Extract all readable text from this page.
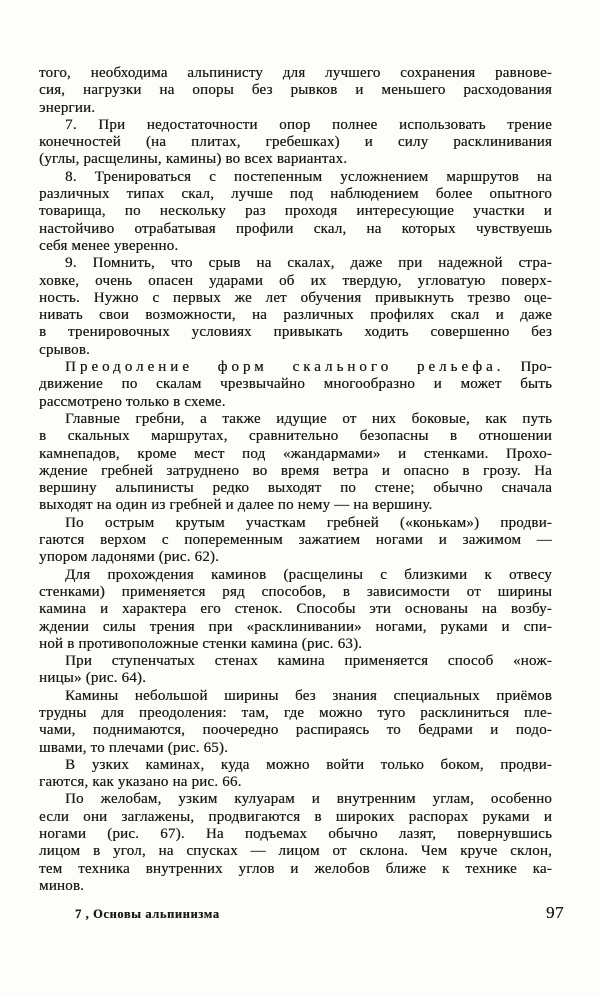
того, необходима альпинисту для лучшего сохранения равнове-
сия, нагрузки на опоры без рывков и меньшего расходования
энергии.
7. При недостаточности опор полнее использовать трение
конечностей (на плитах, гребешках) и силу расклинивания
(углы, расщелины, камины) во всех вариантах.
8. Тренироваться с постепенным усложнением маршрутов на
различных типах скал, лучше под наблюдением более опытного
товарища, по нескольку раз проходя интересующие участки и
настойчиво отрабатывая профили скал, на которых чувствуешь
себя менее уверенно.
9. Помнить, что срыв на скалах, даже при надежной стра-
ховке, очень опасен ударами об их твердую, угловатую поверх-
ность. Нужно с первых же лет обучения привыкнуть трезво оце-
нивать свои возможности, на различных профилях скал и даже
в тренировочных условиях привыкать ходить совершенно без
срывов.
Преодоление форм скального рельефа. Про-
движение по скалам чрезвычайно многообразно и может быть
рассмотрено только в схеме.
Главные гребни, а также идущие от них боковые, как путь
в скальных маршрутах, сравнительно безопасны в отношении
камнепадов, кроме мест под «жандармами» и стенками. Прохо-
ждение гребней затруднено во время ветра и опасно в грозу. На
вершину альпинисты редко выходят по стене; обычно сначала
выходят на один из гребней и далее по нему — на вершину.
По острым крутым участкам гребней («конькам») продви-
гаются верхом с попеременным зажатием ногами и зажимом —
упором ладонями (рис. 62).
Для прохождения каминов (расщелины с близкими к отвесу
стенками) применяется ряд способов, в зависимости от ширины
камина и характера его стенок. Способы эти основаны на возбу-
ждении силы трения при «расклинивании» ногами, руками и спи-
ной в противоположные стенки камина (рис. 63).
При ступенчатых стенах камина применяется способ «нож-
ницы» (рис. 64).
Камины небольшой ширины без знания специальных приёмов
трудны для преодоления: там, где можно туго расклиниться пле-
чами, поднимаются, поочередно распираясь то бедрами и подо-
швами, то плечами (рис. 65).
В узких каминах, куда можно войти только боком, продви-
гаются, как указано на рис. 66.
По желобам, узким кулуарам и внутренним углам, особенно
если они заглажены, продвигаются в широких распорах руками и
ногами (рис. 67). На подъемах обычно лазят, повернувшись
лицом в угол, на спусках — лицом от склона. Чем круче склон,
тем техника внутренних углов и желобов ближе к технике ка-
минов.
7 , Основы альпинизма	97
